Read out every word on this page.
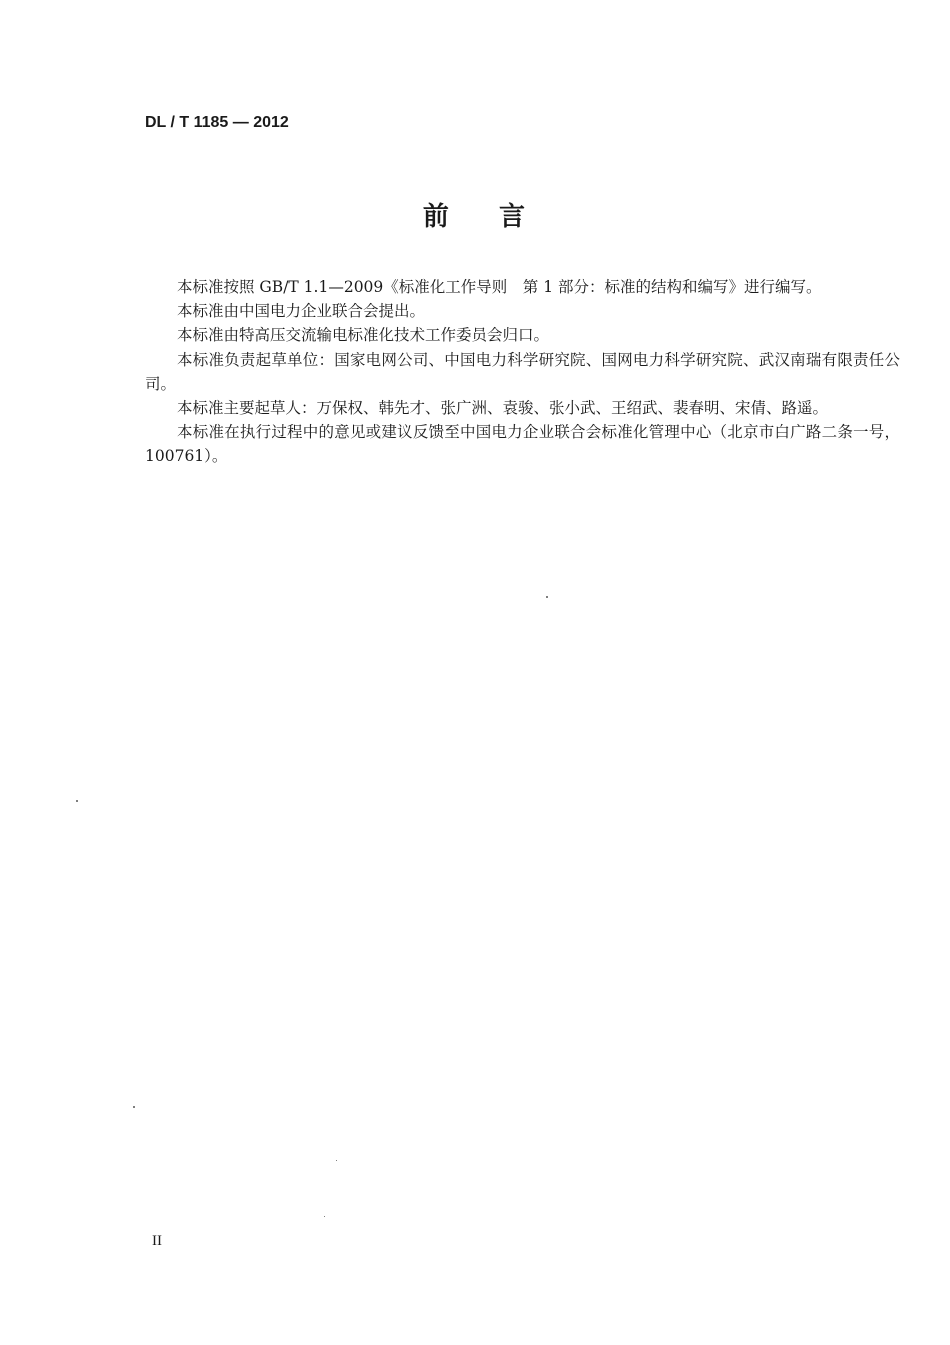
DL / T 1185 — 2012
前 言

本标准按照 GB/T 1.1—2009《标准化工作导则　第 1 部分：标准的结构和编写》进行编写。

本标准由中国电力企业联合会提出。

本标准由特高压交流输电标准化技术工作委员会归口。

本标准负责起草单位：国家电网公司、中国电力科学研究院、国网电力科学研究院、武汉南瑞有限责任公司。

本标准主要起草人：万保权、韩先才、张广洲、袁骏、张小武、王绍武、裴春明、宋倩、路遥。

本标准在执行过程中的意见或建议反馈至中国电力企业联合会标准化管理中心（北京市白广路二条一号，100761）。

II
